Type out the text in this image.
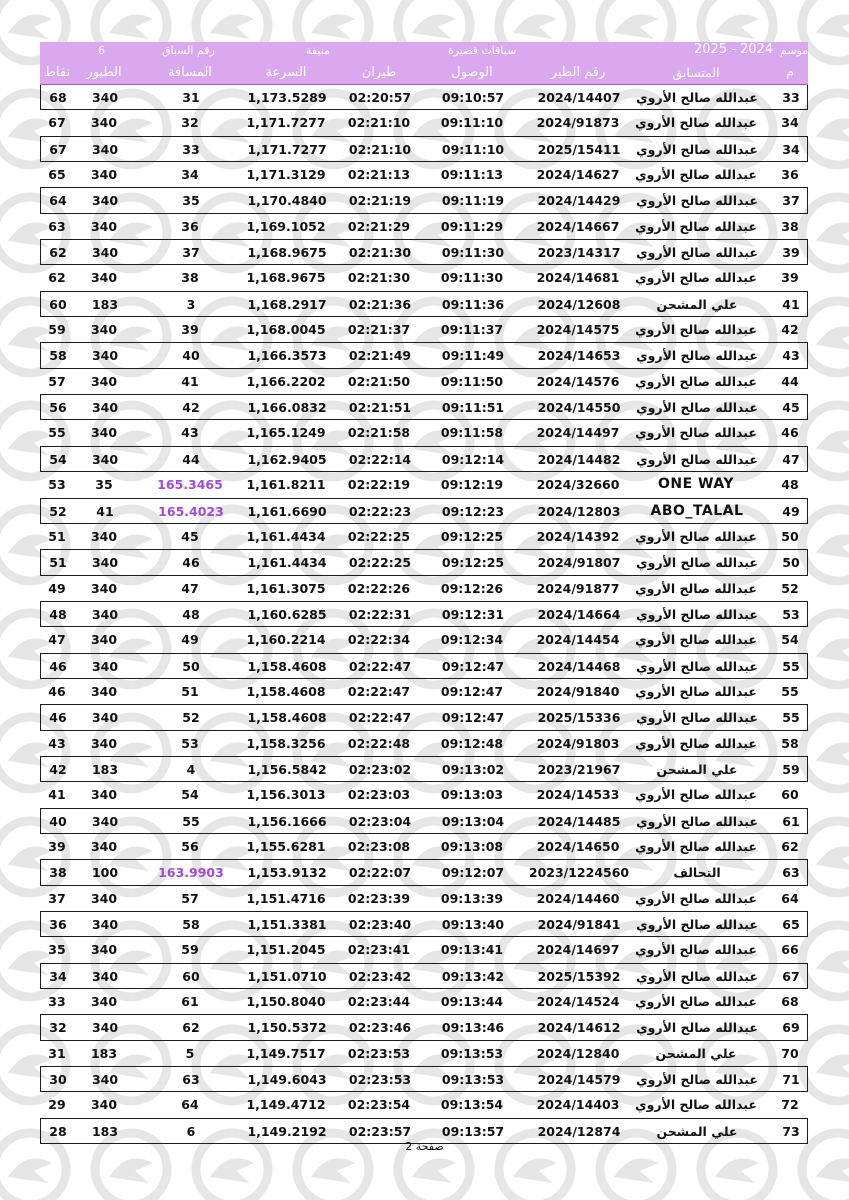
رقم السباق
6	منيفة	سباقات قصيرة	2025 - 2024 موسم
نقاط	الطيور	المسافة	السرعة	طيران	الوصول	رقم الطير	المتسابق	م
68	340	31	1,173.5289	02:20:57	09:10:57	2024/14407	عبدالله صالح الأروي	33
67	340	32	1,171.7277	02:21:10	09:11:10	2024/91873	عبدالله صالح الأروي	34
67	340	33	1,171.7277	02:21:10	09:11:10	2025/15411	عبدالله صالح الأروي	34
65	340	34	1,171.3129	02:21:13	09:11:13	2024/14627	عبدالله صالح الأروي	36
64	340	35	1,170.4840	02:21:19	09:11:19	2024/14429	عبدالله صالح الأروي	37
63	340	36	1,169.1052	02:21:29	09:11:29	2024/14667	عبدالله صالح الأروي	38
62	340	37	1,168.9675	02:21:30	09:11:30	2023/14317	عبدالله صالح الأروي	39
62	340	38	1,168.9675	02:21:30	09:11:30	2024/14681	عبدالله صالح الأروي	39
60	183	3	1,168.2917	02:21:36	09:11:36	2024/12608	علي المشحن	41
59	340	39	1,168.0045	02:21:37	09:11:37	2024/14575	عبدالله صالح الأروي	42
58	340	40	1,166.3573	02:21:49	09:11:49	2024/14653	عبدالله صالح الأروي	43
57	340	41	1,166.2202	02:21:50	09:11:50	2024/14576	عبدالله صالح الأروي	44
56	340	42	1,166.0832	02:21:51	09:11:51	2024/14550	عبدالله صالح الأروي	45
55	340	43	1,165.1249	02:21:58	09:11:58	2024/14497	عبدالله صالح الأروي	46
54	340	44	1,162.9405	02:22:14	09:12:14	2024/14482	عبدالله صالح الأروي	47
53	35	165.3465	1,161.8211	02:22:19	09:12:19	2024/32660	ONE WAY	48
52	41	165.4023	1,161.6690	02:22:23	09:12:23	2024/12803	ABO_TALAL	49
51	340	45	1,161.4434	02:22:25	09:12:25	2024/14392	عبدالله صالح الأروي	50
51	340	46	1,161.4434	02:22:25	09:12:25	2024/91807	عبدالله صالح الأروي	50
49	340	47	1,161.3075	02:22:26	09:12:26	2024/91877	عبدالله صالح الأروي	52
48	340	48	1,160.6285	02:22:31	09:12:31	2024/14664	عبدالله صالح الأروي	53
47	340	49	1,160.2214	02:22:34	09:12:34	2024/14454	عبدالله صالح الأروي	54
46	340	50	1,158.4608	02:22:47	09:12:47	2024/14468	عبدالله صالح الأروي	55
46	340	51	1,158.4608	02:22:47	09:12:47	2024/91840	عبدالله صالح الأروي	55
46	340	52	1,158.4608	02:22:47	09:12:47	2025/15336	عبدالله صالح الأروي	55
43	340	53	1,158.3256	02:22:48	09:12:48	2024/91803	عبدالله صالح الأروي	58
42	183	4	1,156.5842	02:23:02	09:13:02	2023/21967	علي المشحن	59
41	340	54	1,156.3013	02:23:03	09:13:03	2024/14533	عبدالله صالح الأروي	60
40	340	55	1,156.1666	02:23:04	09:13:04	2024/14485	عبدالله صالح الأروي	61
39	340	56	1,155.6281	02:23:08	09:13:08	2024/14650	عبدالله صالح الأروي	62
38	100	163.9903	1,153.9132	02:22:07	09:12:07	2023/1224560	التحالف	63
37	340	57	1,151.4716	02:23:39	09:13:39	2024/14460	عبدالله صالح الأروي	64
36	340	58	1,151.3381	02:23:40	09:13:40	2024/91841	عبدالله صالح الأروي	65
35	340	59	1,151.2045	02:23:41	09:13:41	2024/14697	عبدالله صالح الأروي	66
34	340	60	1,151.0710	02:23:42	09:13:42	2025/15392	عبدالله صالح الأروي	67
33	340	61	1,150.8040	02:23:44	09:13:44	2024/14524	عبدالله صالح الأروي	68
32	340	62	1,150.5372	02:23:46	09:13:46	2024/14612	عبدالله صالح الأروي	69
31	183	5	1,149.7517	02:23:53	09:13:53	2024/12840	علي المشحن	70
30	340	63	1,149.6043	02:23:53	09:13:53	2024/14579	عبدالله صالح الأروي	71
29	340	64	1,149.4712	02:23:54	09:13:54	2024/14403	عبدالله صالح الأروي	72
28	183	6	1,149.2192	02:23:57	09:13:57	2024/12874	علي المشحن	73
صفحة 2
